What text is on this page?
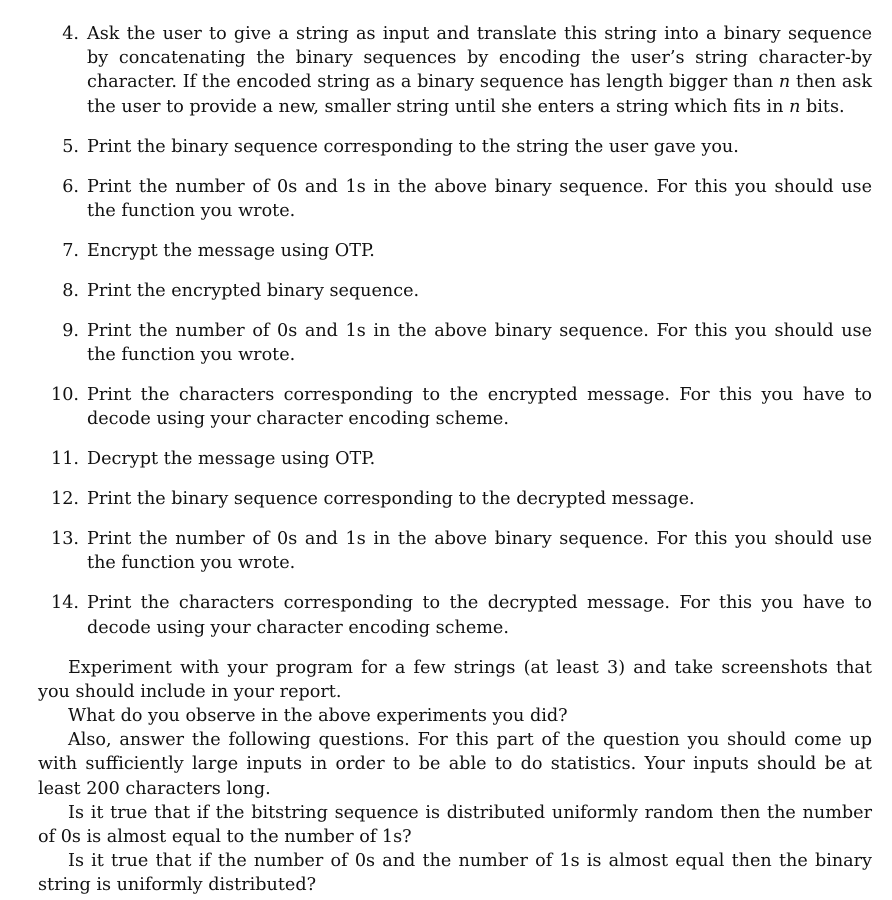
4. Ask the user to give a string as input and translate this string into a binary sequence by concatenating the binary sequences by encoding the user’s string character-by character. If the encoded string as a binary sequence has length bigger than n then ask the user to provide a new, smaller string until she enters a string which fits in n bits.
5. Print the binary sequence corresponding to the string the user gave you.
6. Print the number of 0s and 1s in the above binary sequence. For this you should use the function you wrote.
7. Encrypt the message using OTP.
8. Print the encrypted binary sequence.
9. Print the number of 0s and 1s in the above binary sequence. For this you should use the function you wrote.
10. Print the characters corresponding to the encrypted message. For this you have to decode using your character encoding scheme.
11. Decrypt the message using OTP.
12. Print the binary sequence corresponding to the decrypted message.
13. Print the number of 0s and 1s in the above binary sequence. For this you should use the function you wrote.
14. Print the characters corresponding to the decrypted message. For this you have to decode using your character encoding scheme.
Experiment with your program for a few strings (at least 3) and take screenshots that you should include in your report.
What do you observe in the above experiments you did?
Also, answer the following questions. For this part of the question you should come up with sufficiently large inputs in order to be able to do statistics. Your inputs should be at least 200 characters long.
Is it true that if the bitstring sequence is distributed uniformly random then the number of 0s is almost equal to the number of 1s?
Is it true that if the number of 0s and the number of 1s is almost equal then the binary string is uniformly distributed?
